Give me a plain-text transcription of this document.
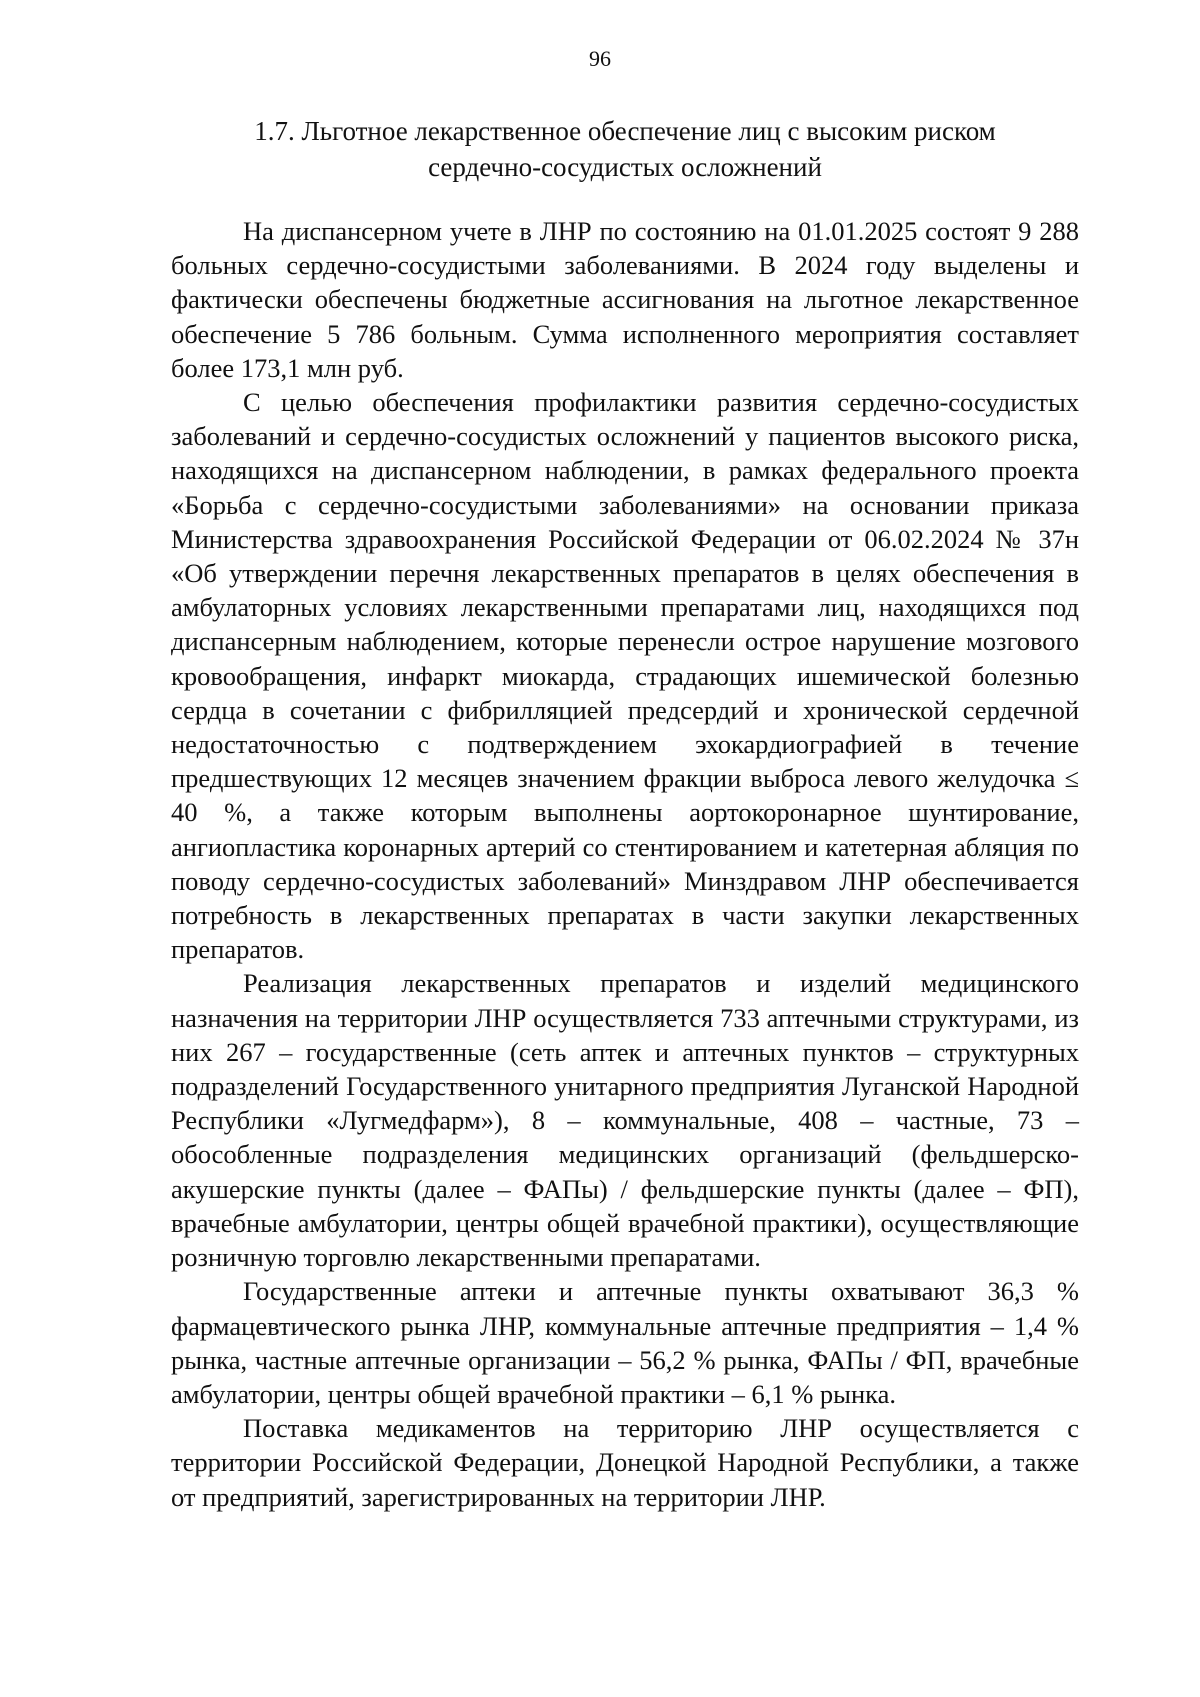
96

1.7. Льготное лекарственное обеспечение лиц с высоким риском
сердечно-сосудистых осложнений

На диспансерном учете в ЛНР по состоянию на 01.01.2025 состоят 9 288 больных сердечно-сосудистыми заболеваниями. В 2024 году выделены и фактически обеспечены бюджетные ассигнования на льготное лекарственное обеспечение 5 786 больным. Сумма исполненного мероприятия составляет более 173,1 млн руб.

С целью обеспечения профилактики развития сердечно-сосудистых заболеваний и сердечно-сосудистых осложнений у пациентов высокого риска, находящихся на диспансерном наблюдении, в рамках федерального проекта «Борьба с сердечно-сосудистыми заболеваниями» на основании приказа Министерства здравоохранения Российской Федерации от 06.02.2024 № 37н «Об утверждении перечня лекарственных препаратов в целях обеспечения в амбулаторных условиях лекарственными препаратами лиц, находящихся под диспансерным наблюдением, которые перенесли острое нарушение мозгового кровообращения, инфаркт миокарда, страдающих ишемической болезнью сердца в сочетании с фибрилляцией предсердий и хронической сердечной недостаточностью с подтверждением эхокардиографией в течение предшествующих 12 месяцев значением фракции выброса левого желудочка ≤ 40 %, а также которым выполнены аортокоронарное шунтирование, ангиопластика коронарных артерий со стентированием и катетерная абляция по поводу сердечно-сосудистых заболеваний» Минздравом ЛНР обеспечивается потребность в лекарственных препаратах в части закупки лекарственных препаратов.

Реализация лекарственных препаратов и изделий медицинского назначения на территории ЛНР осуществляется 733 аптечными структурами, из них 267 – государственные (сеть аптек и аптечных пунктов – структурных подразделений Государственного унитарного предприятия Луганской Народной Республики «Лугмедфарм»), 8 – коммунальные, 408 – частные, 73 – обособленные подразделения медицинских организаций (фельдшерско-акушерские пункты (далее – ФАПы) / фельдшерские пункты (далее – ФП), врачебные амбулатории, центры общей врачебной практики), осуществляющие розничную торговлю лекарственными препаратами.

Государственные аптеки и аптечные пункты охватывают 36,3 % фармацевтического рынка ЛНР, коммунальные аптечные предприятия – 1,4 % рынка, частные аптечные организации – 56,2 % рынка, ФАПы / ФП, врачебные амбулатории, центры общей врачебной практики – 6,1 % рынка.

Поставка медикаментов на территорию ЛНР осуществляется с территории Российской Федерации, Донецкой Народной Республики, а также от предприятий, зарегистрированных на территории ЛНР.
